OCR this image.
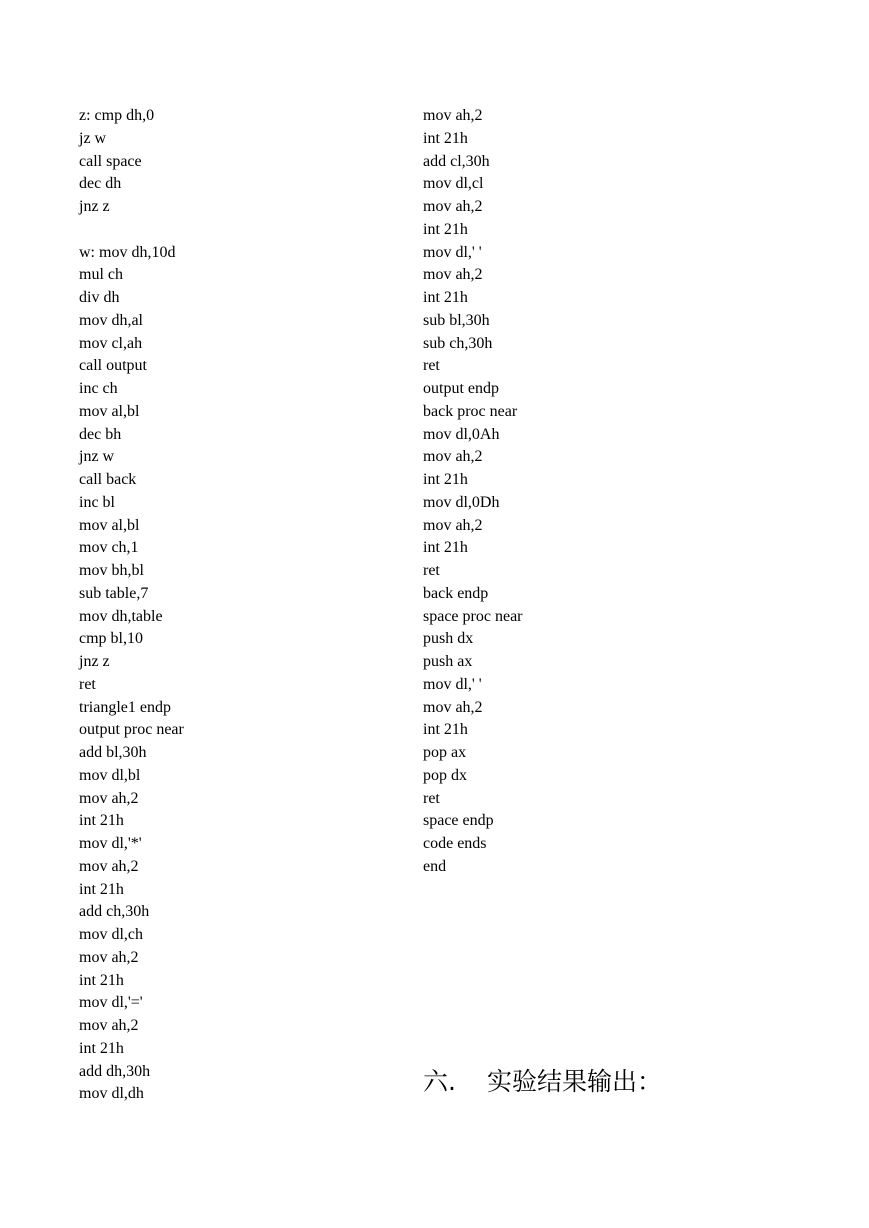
z: cmp dh,0
jz w
call space
dec dh
jnz z
w: mov dh,10d
mul ch
div dh
mov dh,al
mov cl,ah
call output
inc ch
mov al,bl
dec bh
jnz w
call back
inc bl
mov al,bl
mov ch,1
mov bh,bl
sub table,7
mov dh,table
cmp bl,10
jnz z
ret
triangle1 endp
output proc near
add bl,30h
mov dl,bl
mov ah,2
int 21h
mov dl,'*'
mov ah,2
int 21h
add ch,30h
mov dl,ch
mov ah,2
int 21h
mov dl,'='
mov ah,2
int 21h
add dh,30h
mov dl,dh
mov ah,2
int 21h
add cl,30h
mov dl,cl
mov ah,2
int 21h
mov dl,' '
mov ah,2
int 21h
sub bl,30h
sub ch,30h
ret
output endp
back proc near
mov dl,0Ah
mov ah,2
int 21h
mov dl,0Dh
mov ah,2
int 21h
ret
back endp
space proc near
push dx
push ax
mov dl,' '
mov ah,2
int 21h
pop ax
pop dx
ret
space endp
code ends
end
六. 实验结果输出：
